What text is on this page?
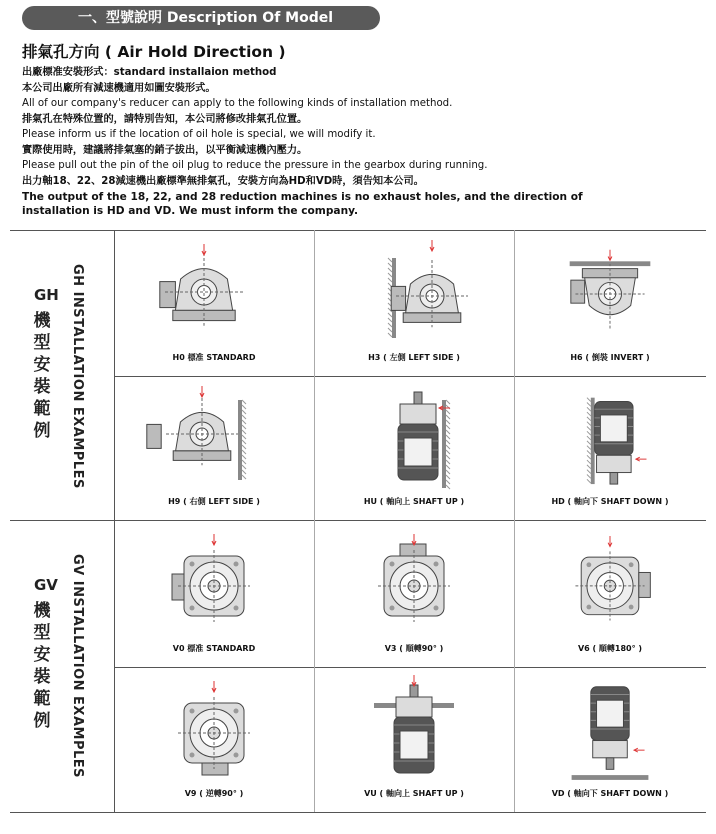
一、型號說明 Description Of Model
排氣孔方向 ( Air Hold Direction )
出廠標准安裝形式：standard installaion method
本公司出廠所有減速機適用如圖安裝形式。
All of our company's reducer can apply to the following kinds of installation method.
排氣孔在特殊位置的，請特別告知，本公司將修改排氣孔位置。
Please inform us if the location of oil hole is special, we will modify it.
實際使用時，建議將排氣塞的銷子拔出，以平衡減速機內壓力。
Please pull out the pin of the oil plug to reduce the pressure in the gearbox during running.
出力軸18、22、28減速機出廠標準無排氣孔，安裝方向為HD和VD時，須告知本公司。
The output of the 18, 22, and 28 reduction machines is no exhaust holes, and the direction of
installation is HD and VD. We must inform the company.
GH
機
型
安
裝
範
例	GH INSTALLATION EXAMPLES	H0 標准 STANDARD	H3 ( 左側 LEFT SIDE )	H6 ( 倒裝 INVERT )
H9 ( 右側 LEFT SIDE )	HU ( 軸向上 SHAFT UP )	HD ( 軸向下 SHAFT DOWN )
GV
機
型
安
裝
範
例	GV INSTALLATION EXAMPLES	V0 標准 STANDARD	V3 ( 順轉90° )	V6 ( 順轉180° )
V9 ( 逆轉90° )	VU ( 軸向上 SHAFT UP )	VD ( 軸向下 SHAFT DOWN )
